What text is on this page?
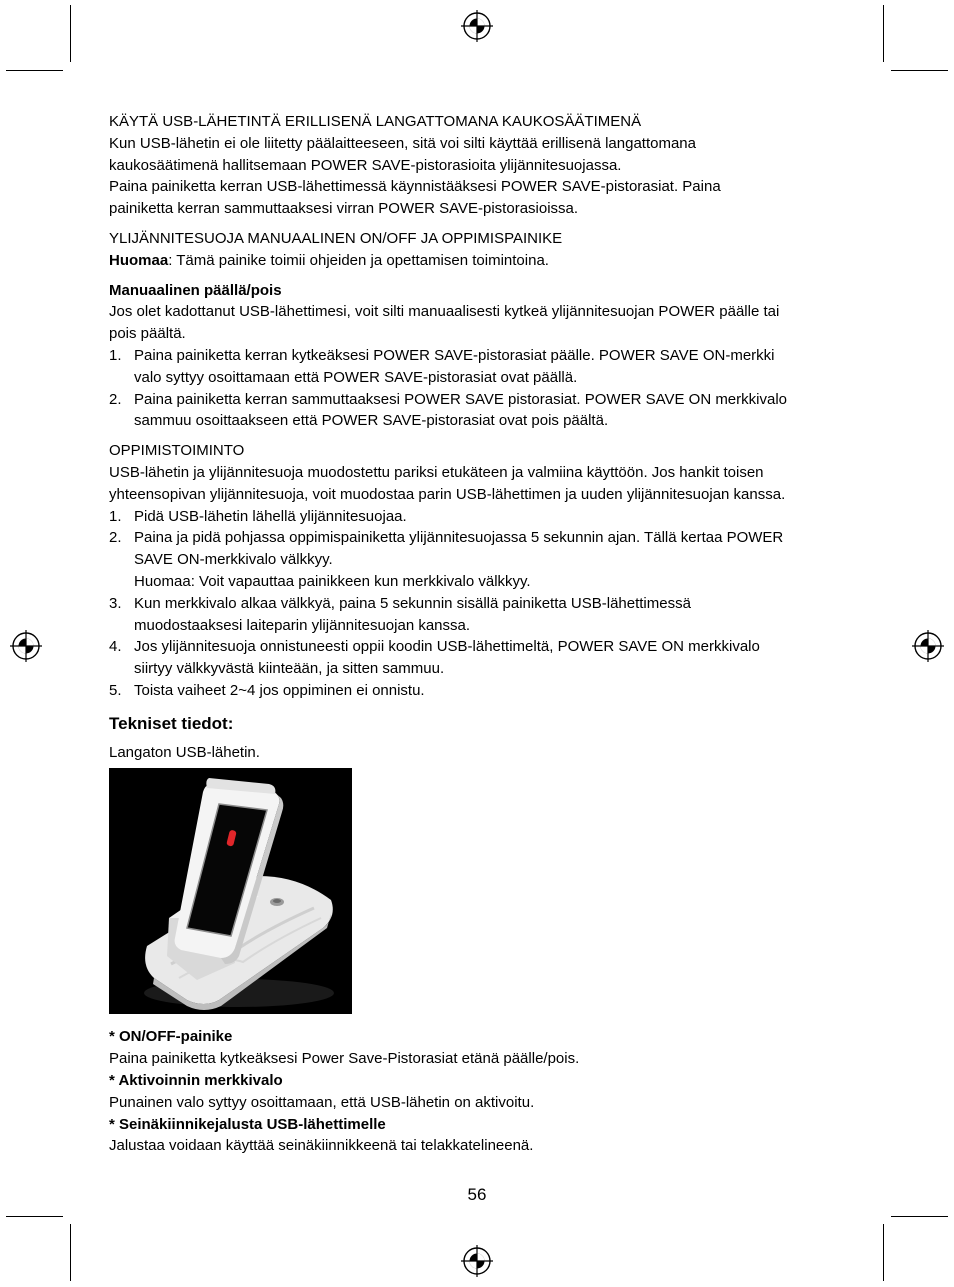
KÄYTÄ USB-LÄHETINTÄ ERILLISENÄ LANGATTOMANA KAUKOSÄÄTIMENÄ

Kun USB-lähetin ei ole liitetty päälaitteeseen, sitä voi silti käyttää erillisenä langattomana

kaukosäätimenä hallitsemaan POWER SAVE-pistorasioita ylijännitesuojassa.

Paina painiketta kerran USB-lähettimessä käynnistääksesi POWER SAVE-pistorasiat. Paina

painiketta kerran sammuttaaksesi virran POWER SAVE-pistorasioissa.

YLIJÄNNITESUOJA MANUAALINEN ON/OFF JA OPPIMISPAINIKE

Huomaa: Tämä painike toimii ohjeiden ja opettamisen toimintoina.

Manuaalinen päällä/pois

Jos olet kadottanut USB-lähettimesi, voit silti manuaalisesti kytkeä ylijännitesuojan POWER päälle tai

pois päältä.

1. Paina painiketta kerran kytkeäksesi POWER SAVE-pistorasiat päälle. POWER SAVE ON-merkki

valo syttyy osoittamaan että POWER SAVE-pistorasiat ovat päällä.

2. Paina painiketta kerran sammuttaaksesi POWER SAVE pistorasiat. POWER SAVE ON merkkivalo

sammuu osoittaakseen että POWER SAVE-pistorasiat ovat pois päältä.

OPPIMISTOIMINTO

USB-lähetin ja ylijännitesuoja muodostettu pariksi etukäteen ja valmiina käyttöön. Jos hankit toisen

yhteensopivan ylijännitesuoja, voit muodostaa parin USB-lähettimen ja uuden ylijännitesuojan kanssa.

1. Pidä USB-lähetin lähellä ylijännitesuojaa.

2. Paina ja pidä pohjassa oppimispainiketta ylijännitesuojassa 5 sekunnin ajan. Tällä kertaa POWER

SAVE ON-merkkivalo välkkyy.

Huomaa: Voit vapauttaa painikkeen kun merkkivalo välkkyy.

3. Kun merkkivalo alkaa välkkyä, paina 5 sekunnin sisällä painiketta USB-lähettimessä

muodostaaksesi laiteparin ylijännitesuojan kanssa.

4. Jos ylijännitesuoja onnistuneesti oppii koodin USB-lähettimeltä, POWER SAVE ON merkkivalo

siirtyy välkkyvästä kiinteään, ja sitten sammuu.

5. Toista vaiheet 2~4 jos oppiminen ei onnistu.

Tekniset tiedot:

Langaton USB-lähetin.

* ON/OFF-painike

Paina painiketta kytkeäksesi Power Save-Pistorasiat etänä päälle/pois.

* Aktivoinnin merkkivalo

Punainen valo syttyy osoittamaan, että USB-lähetin on aktivoitu.

* Seinäkiinnikejalusta USB-lähettimelle

Jalustaa voidaan käyttää seinäkiinnikkeenä tai telakkatelineenä.

56
